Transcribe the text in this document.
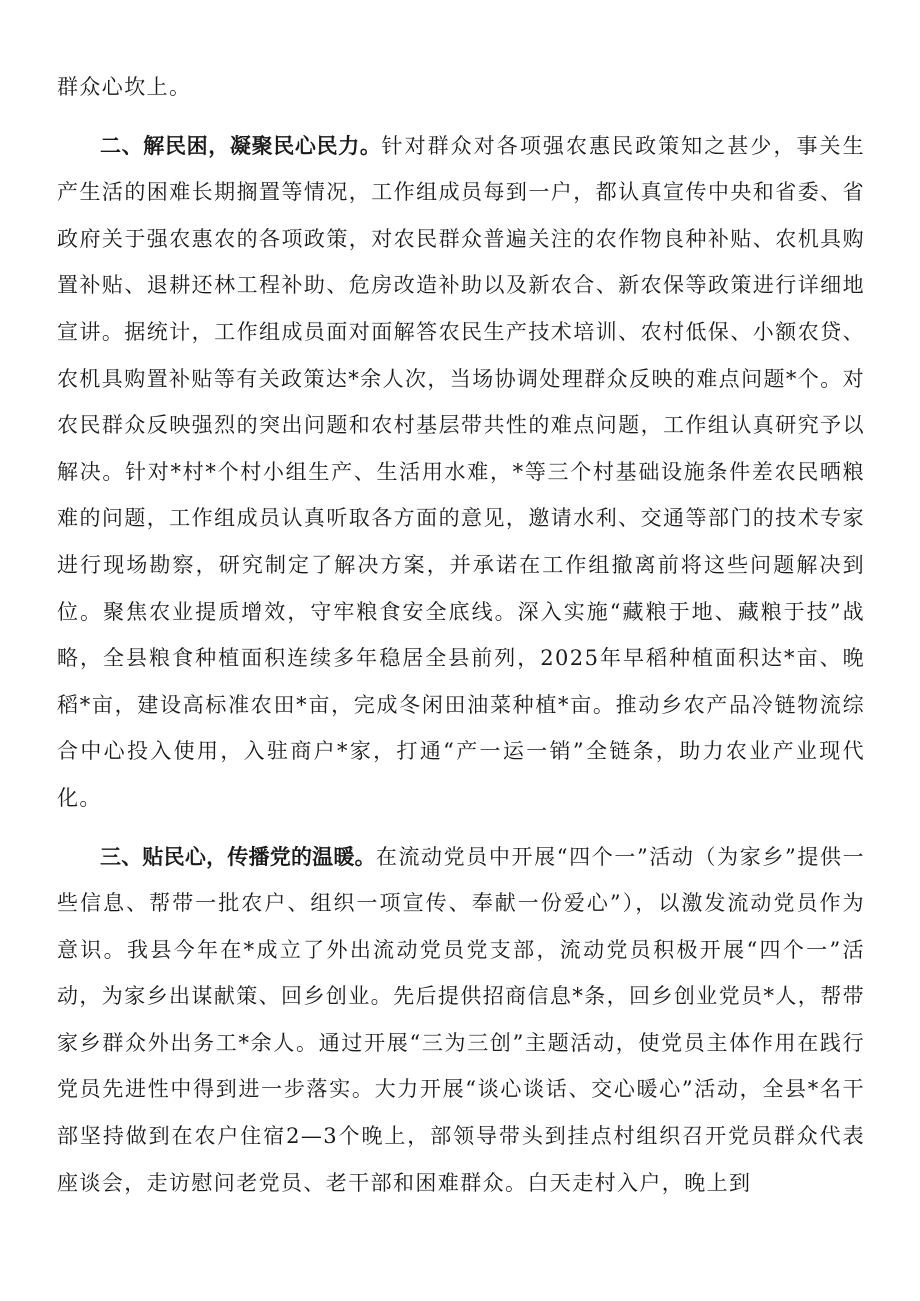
群众心坎上。

二、解民困，凝聚民心民力。针对群众对各项强农惠民政策知之甚少，事关生产生活的困难长期搁置等情况，工作组成员每到一户，都认真宣传中央和省委、省政府关于强农惠农的各项政策，对农民群众普遍关注的农作物良种补贴、农机具购置补贴、退耕还林工程补助、危房改造补助以及新农合、新农保等政策进行详细地宣讲。据统计，工作组成员面对面解答农民生产技术培训、农村低保、小额农贷、农机具购置补贴等有关政策达*余人次，当场协调处理群众反映的难点问题*个。对农民群众反映强烈的突出问题和农村基层带共性的难点问题，工作组认真研究予以解决。针对*村*个村小组生产、生活用水难，*等三个村基础设施条件差农民晒粮难的问题，工作组成员认真听取各方面的意见，邀请水利、交通等部门的技术专家进行现场勘察，研究制定了解决方案，并承诺在工作组撤离前将这些问题解决到位。聚焦农业提质增效，守牢粮食安全底线。深入实施“藏粮于地、藏粮于技”战略，全县粮食种植面积连续多年稳居全县前列，2025年早稻种植面积达*亩、晚稻*亩，建设高标准农田*亩，完成冬闲田油菜种植*亩。推动乡农产品冷链物流综合中心投入使用，入驻商户*家，打通“产一运一销”全链条，助力农业产业现代化。

三、贴民心，传播党的温暖。在流动党员中开展“四个一”活动（为家乡”提供一些信息、帮带一批农户、组织一项宣传、奉献一份爱心”），以激发流动党员作为意识。我县今年在*成立了外出流动党员党支部，流动党员积极开展“四个一”活动，为家乡出谋献策、回乡创业。先后提供招商信息*条，回乡创业党员*人，帮带家乡群众外出务工*余人。通过开展“三为三创”主题活动，使党员主体作用在践行党员先进性中得到进一步落实。大力开展“谈心谈话、交心暖心”活动，全县*名干部坚持做到在农户住宿2—3个晚上，部领导带头到挂点村组织召开党员群众代表座谈会，走访慰问老党员、老干部和困难群众。白天走村入户，晚上到
